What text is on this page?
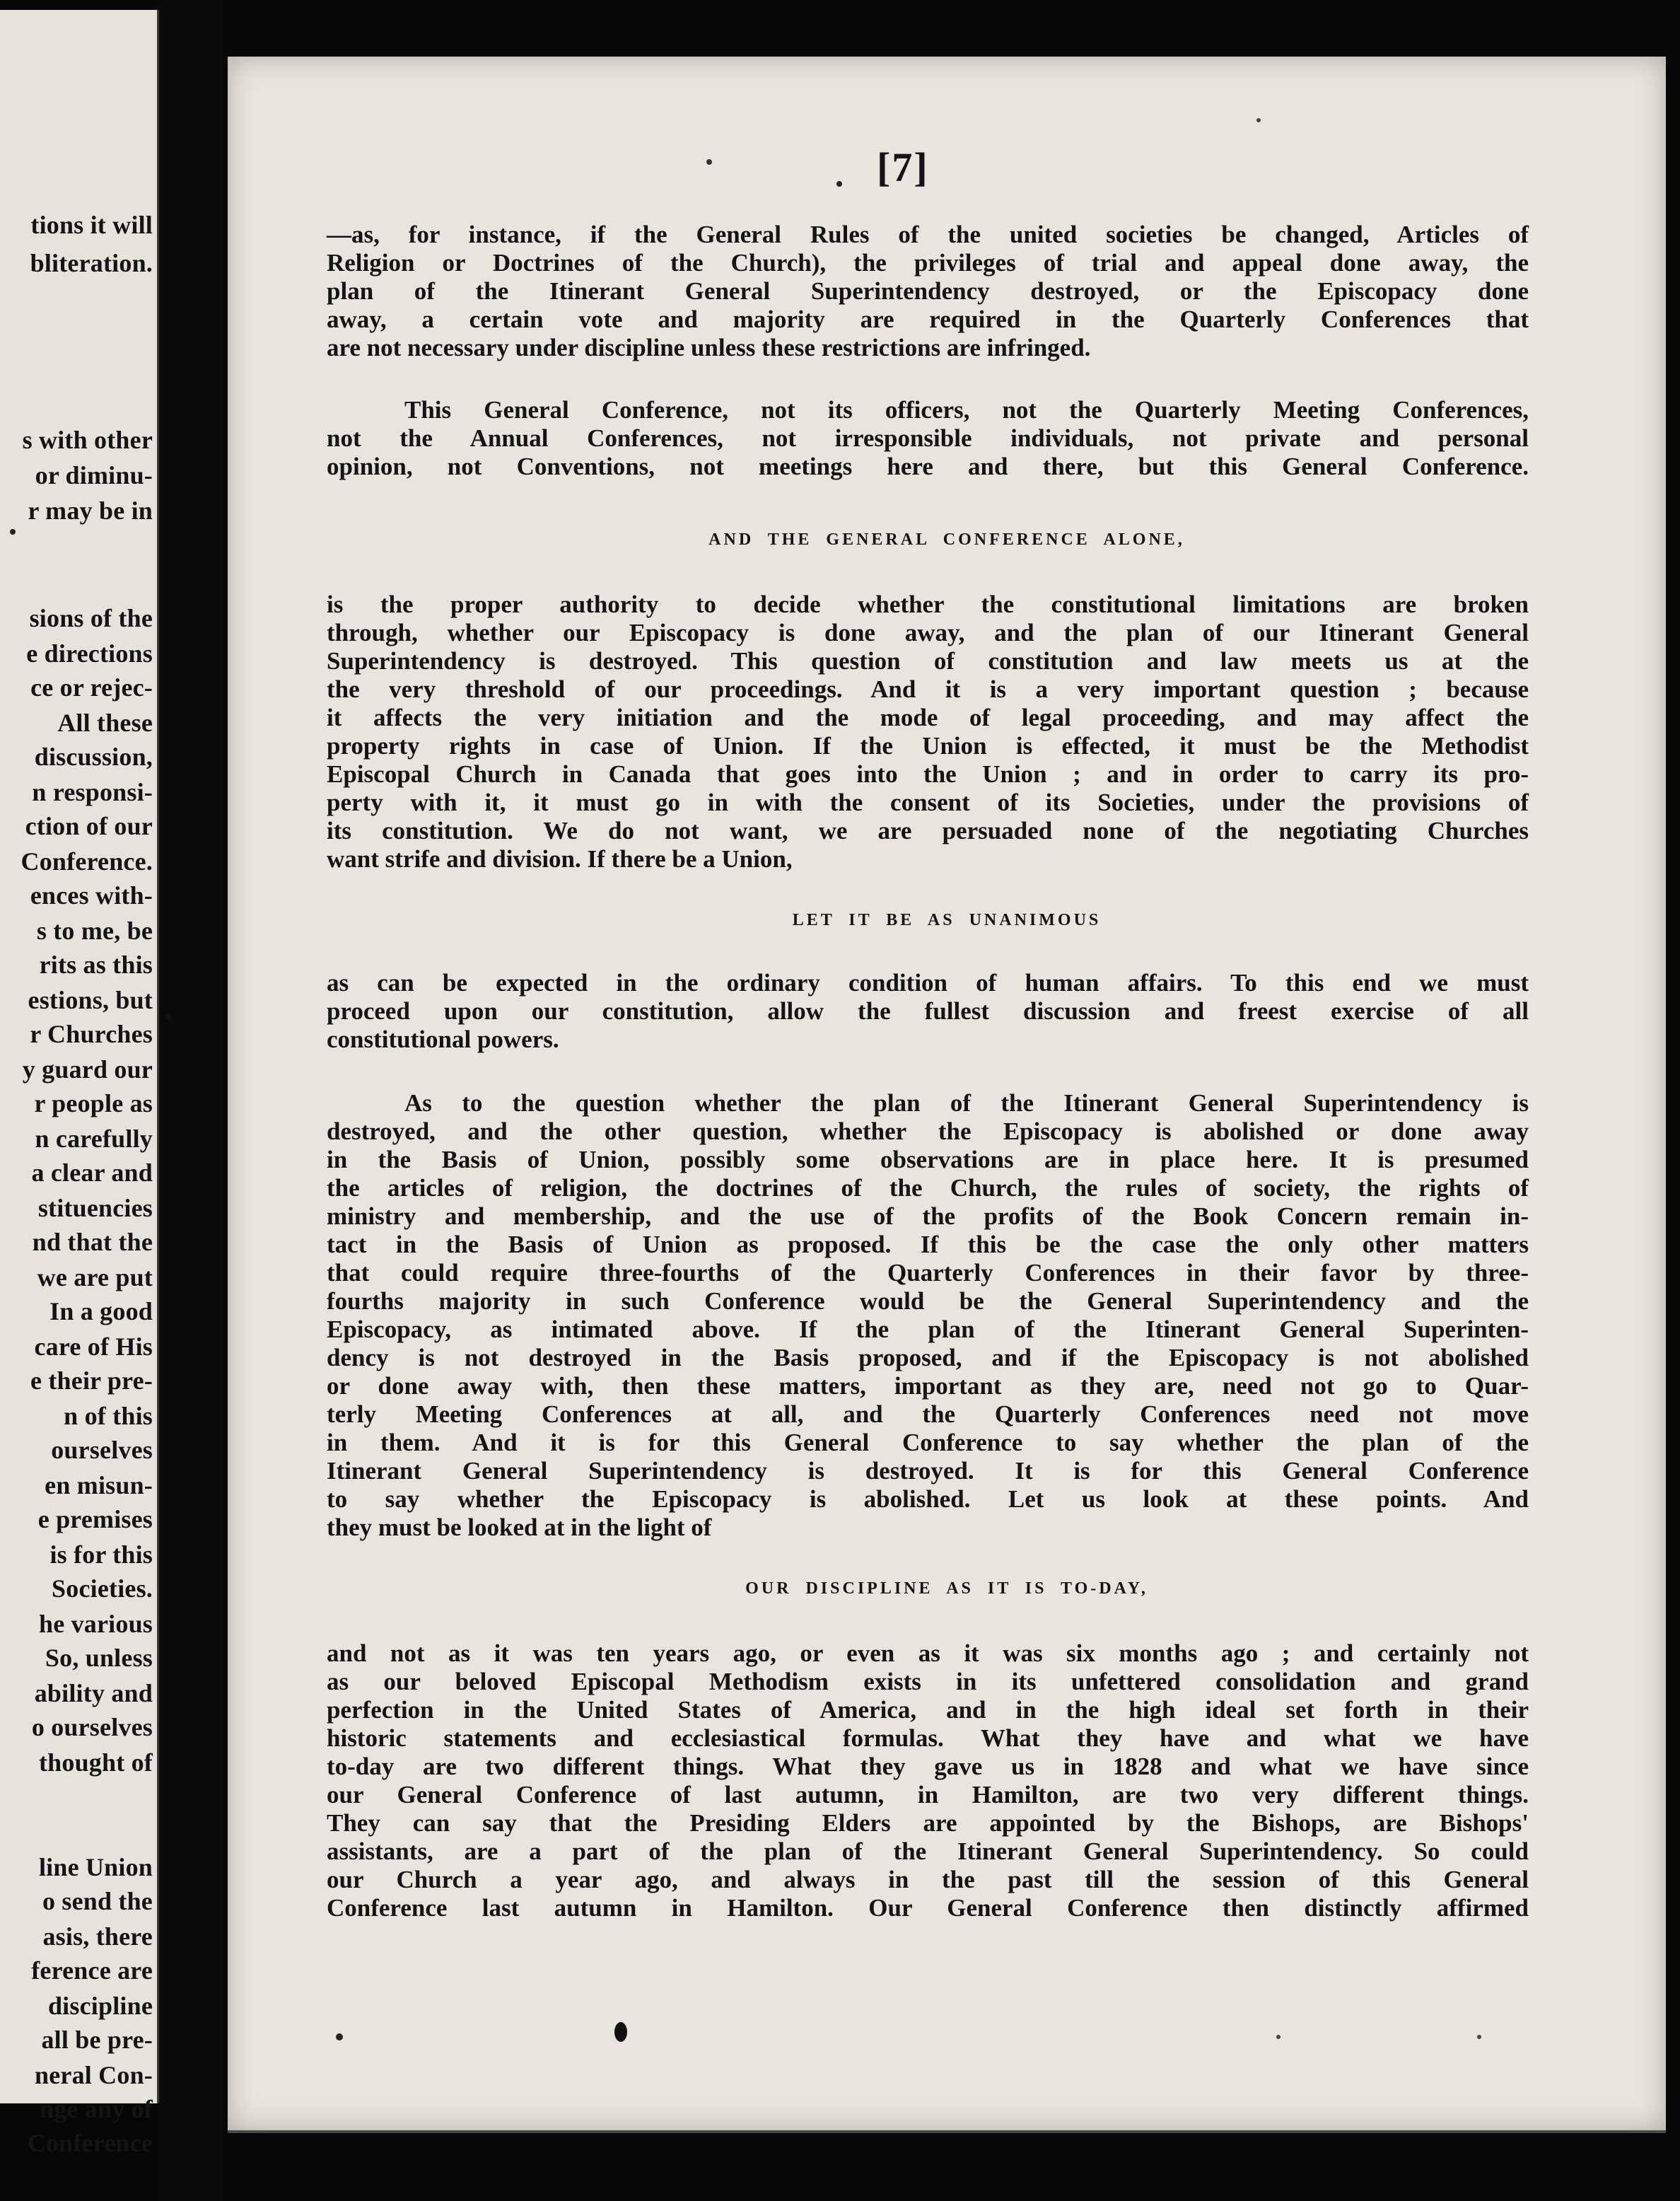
tions it will
bliteration.
s with other
or diminu-
r may be in
sions of the
e directions
ce or rejec-
All these
discussion,
n responsi-
ction of our
Conference.
ences with-
s to me, be
rits as this
estions, but
r Churches
y guard our
r people as
n carefully
a clear and
stituencies
nd that the
we are put
In a good
care of His
e their pre-
n of this
ourselves
en misun-
e premises
is for this
Societies.
he various
So, unless
ability and
o ourselves
thought of
line Union
o send the
asis, there
ference are
discipline
all be pre-
neral Con-
nge any of
Conference
[7]
—as, for instance, if the General Rules of the united societies be changed, Articles of
Religion or Doctrines of the Church), the privileges of trial and appeal done away, the
plan of the Itinerant General Superintendency destroyed, or the Episcopacy done
away, a certain vote and majority are required in the Quarterly Conferences that
are not necessary under discipline unless these restrictions are infringed.
This General Conference, not its officers, not the Quarterly Meeting Conferences,
not the Annual Conferences, not irresponsible individuals, not private and personal
opinion, not Conventions, not meetings here and there, but this General Conference.
AND THE GENERAL CONFERENCE ALONE,
is the proper authority to decide whether the constitutional limitations are broken
through, whether our Episcopacy is done away, and the plan of our Itinerant General
Superintendency is destroyed. This question of constitution and law meets us at the
the very threshold of our proceedings. And it is a very important question ; because
it affects the very initiation and the mode of legal proceeding, and may affect the
property rights in case of Union. If the Union is effected, it must be the Methodist
Episcopal Church in Canada that goes into the Union ; and in order to carry its pro-
perty with it, it must go in with the consent of its Societies, under the provisions of
its constitution. We do not want, we are persuaded none of the negotiating Churches
want strife and division. If there be a Union,
LET IT BE AS UNANIMOUS
as can be expected in the ordinary condition of human affairs. To this end we must
proceed upon our constitution, allow the fullest discussion and freest exercise of all
constitutional powers.
As to the question whether the plan of the Itinerant General Superintendency is
destroyed, and the other question, whether the Episcopacy is abolished or done away
in the Basis of Union, possibly some observations are in place here. It is presumed
the articles of religion, the doctrines of the Church, the rules of society, the rights of
ministry and membership, and the use of the profits of the Book Concern remain in-
tact in the Basis of Union as proposed. If this be the case the only other matters
that could require three-fourths of the Quarterly Conferences in their favor by three-
fourths majority in such Conference would be the General Superintendency and the
Episcopacy, as intimated above. If the plan of the Itinerant General Superinten-
dency is not destroyed in the Basis proposed, and if the Episcopacy is not abolished
or done away with, then these matters, important as they are, need not go to Quar-
terly Meeting Conferences at all, and the Quarterly Conferences need not move
in them. And it is for this General Conference to say whether the plan of the
Itinerant General Superintendency is destroyed. It is for this General Conference
to say whether the Episcopacy is abolished. Let us look at these points. And
they must be looked at in the light of
OUR DISCIPLINE AS IT IS TO-DAY,
and not as it was ten years ago, or even as it was six months ago ; and certainly not
as our beloved Episcopal Methodism exists in its unfettered consolidation and grand
perfection in the United States of America, and in the high ideal set forth in their
historic statements and ecclesiastical formulas. What they have and what we have
to-day are two different things. What they gave us in 1828 and what we have since
our General Conference of last autumn, in Hamilton, are two very different things.
They can say that the Presiding Elders are appointed by the Bishops, are Bishops'
assistants, are a part of the plan of the Itinerant General Superintendency. So could
our Church a year ago, and always in the past till the session of this General
Conference last autumn in Hamilton. Our General Conference then distinctly affirmed
